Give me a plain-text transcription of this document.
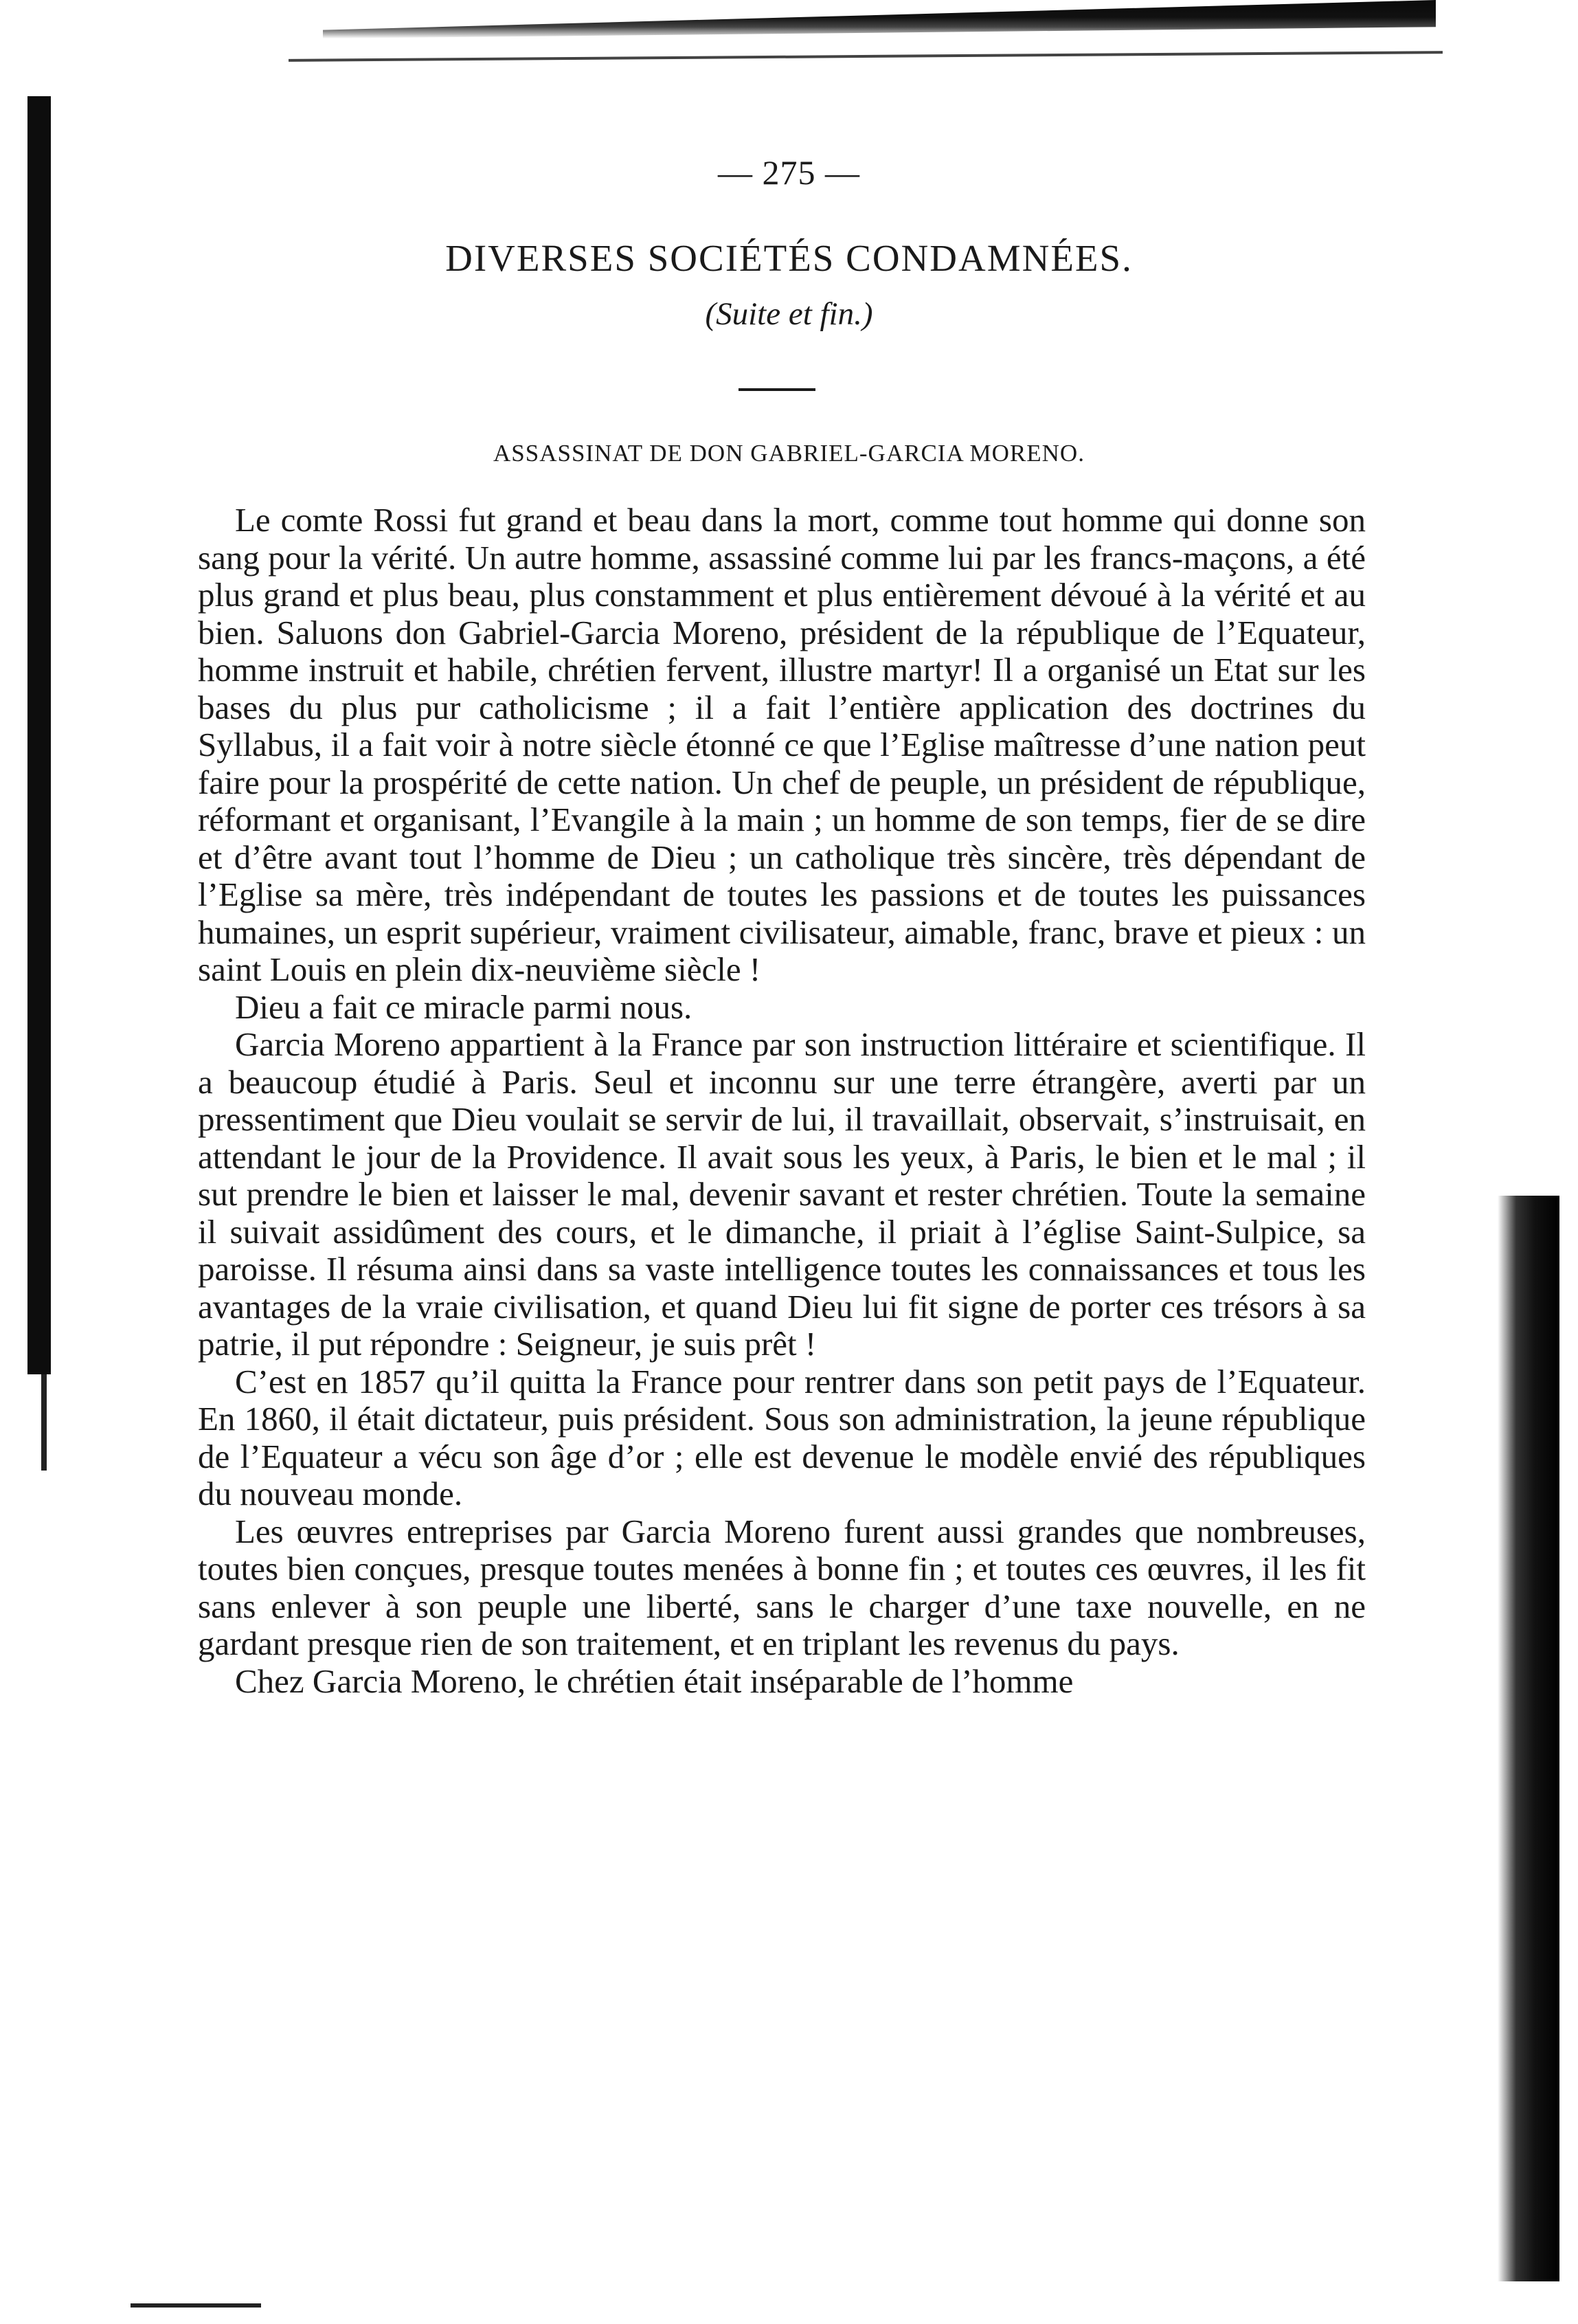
— 275 —
DIVERSES SOCIÉTÉS CONDAMNÉES.
(Suite et fin.)
ASSASSINAT DE DON GABRIEL-GARCIA MORENO.

Le comte Rossi fut grand et beau dans la mort, comme tout homme qui donne son sang pour la vérité. Un autre homme, assassiné comme lui par les francs-maçons, a été plus grand et plus beau, plus constamment et plus entièrement dévoué à la vérité et au bien. Saluons don Gabriel-Garcia Moreno, président de la république de l’Equateur, homme instruit et habile, chrétien fervent, illustre martyr! Il a organisé un Etat sur les bases du plus pur catholicisme ; il a fait l’entière application des doctrines du Syllabus, il a fait voir à notre siècle étonné ce que l’Eglise maîtresse d’une nation peut faire pour la prospérité de cette nation. Un chef de peuple, un président de république, réformant et organisant, l’Evangile à la main ; un homme de son temps, fier de se dire et d’être avant tout l’homme de Dieu ; un catholique très sincère, très dépendant de l’Eglise sa mère, très indépendant de toutes les passions et de toutes les puissances humaines, un esprit supérieur, vraiment civilisateur, aimable, franc, brave et pieux : un saint Louis en plein dix-neuvième siècle !

Dieu a fait ce miracle parmi nous.

Garcia Moreno appartient à la France par son instruction littéraire et scientifique. Il a beaucoup étudié à Paris. Seul et inconnu sur une terre étrangère, averti par un pressentiment que Dieu voulait se servir de lui, il travaillait, observait, s’instruisait, en attendant le jour de la Providence. Il avait sous les yeux, à Paris, le bien et le mal ; il sut prendre le bien et laisser le mal, devenir savant et rester chrétien. Toute la semaine il suivait assidûment des cours, et le dimanche, il priait à l’église Saint-Sulpice, sa paroisse. Il résuma ainsi dans sa vaste intelligence toutes les connaissances et tous les avantages de la vraie civilisation, et quand Dieu lui fit signe de porter ces trésors à sa patrie, il put répondre : Seigneur, je suis prêt !

C’est en 1857 qu’il quitta la France pour rentrer dans son petit pays de l’Equateur. En 1860, il était dictateur, puis président. Sous son administration, la jeune république de l’Equateur a vécu son âge d’or ; elle est devenue le modèle envié des républiques du nouveau monde.

Les œuvres entreprises par Garcia Moreno furent aussi grandes que nombreuses, toutes bien conçues, presque toutes menées à bonne fin ; et toutes ces œuvres, il les fit sans enlever à son peuple une liberté, sans le charger d’une taxe nouvelle, en ne gardant presque rien de son traitement, et en triplant les revenus du pays.

Chez Garcia Moreno, le chrétien était inséparable de l’homme
